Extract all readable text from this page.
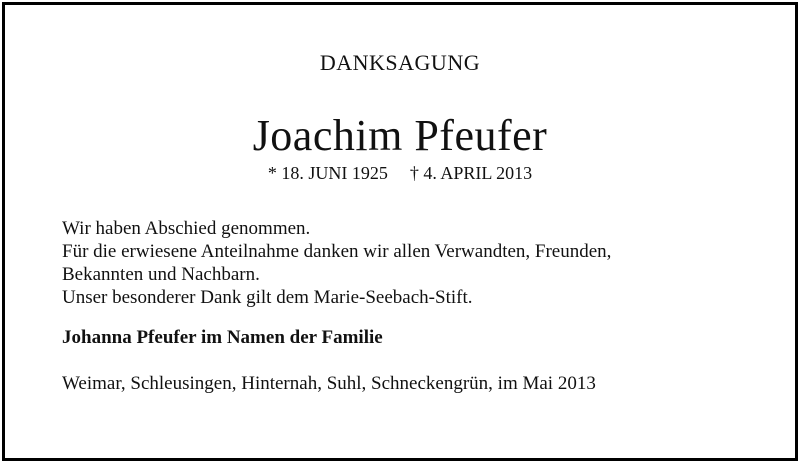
DANKSAGUNG
Joachim Pfeufer
* 18. JUNI 1925 † 4. APRIL 2013
Wir haben Abschied genommen.
Für die erwiesene Anteilnahme danken wir allen Verwandten, Freunden,
Bekannten und Nachbarn.
Unser besonderer Dank gilt dem Marie-Seebach-Stift.
Johanna Pfeufer im Namen der Familie
Weimar, Schleusingen, Hinternah, Suhl, Schneckengrün, im Mai 2013
